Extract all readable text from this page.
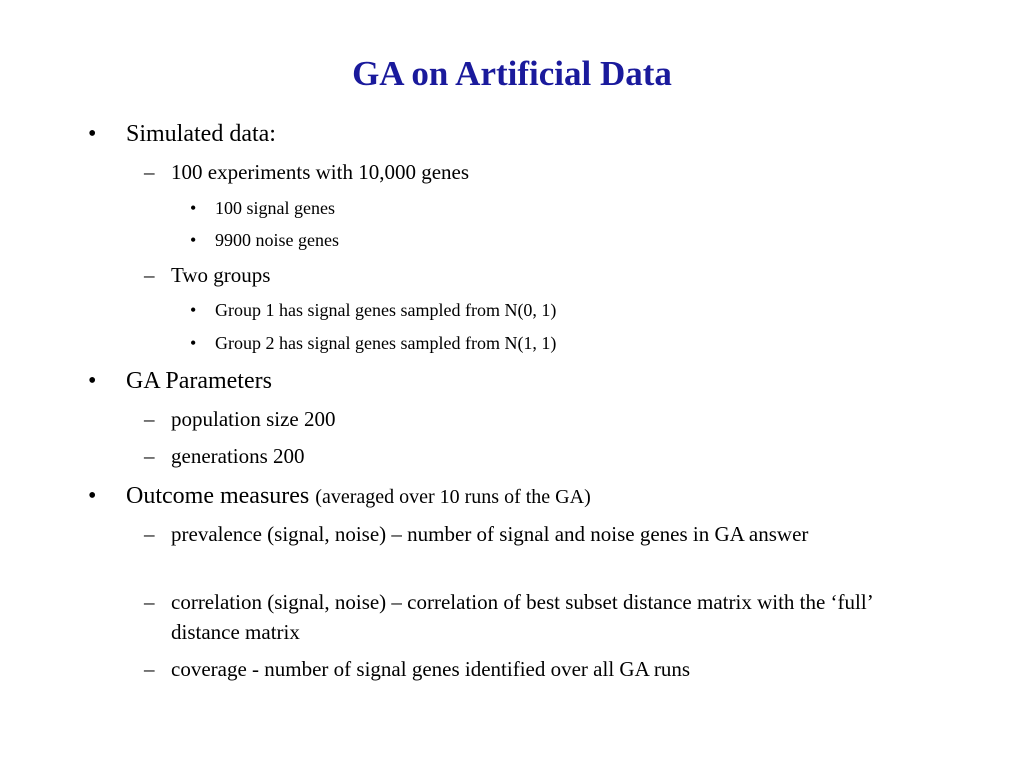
GA on Artificial Data
• Simulated data:
– 100 experiments with 10,000 genes
• 100 signal genes
• 9900 noise genes
– Two groups
• Group 1 has signal genes sampled from N(0, 1)
• Group 2 has signal genes sampled from N(1, 1)
• GA Parameters
– population size 200
– generations 200
• Outcome measures (averaged over 10 runs of the GA)
– prevalence (signal, noise) – number of signal and noise genes in GA answer
– correlation (signal, noise) – correlation of best subset distance matrix with the ‘full’ distance matrix
– coverage - number of signal genes identified over all GA runs
